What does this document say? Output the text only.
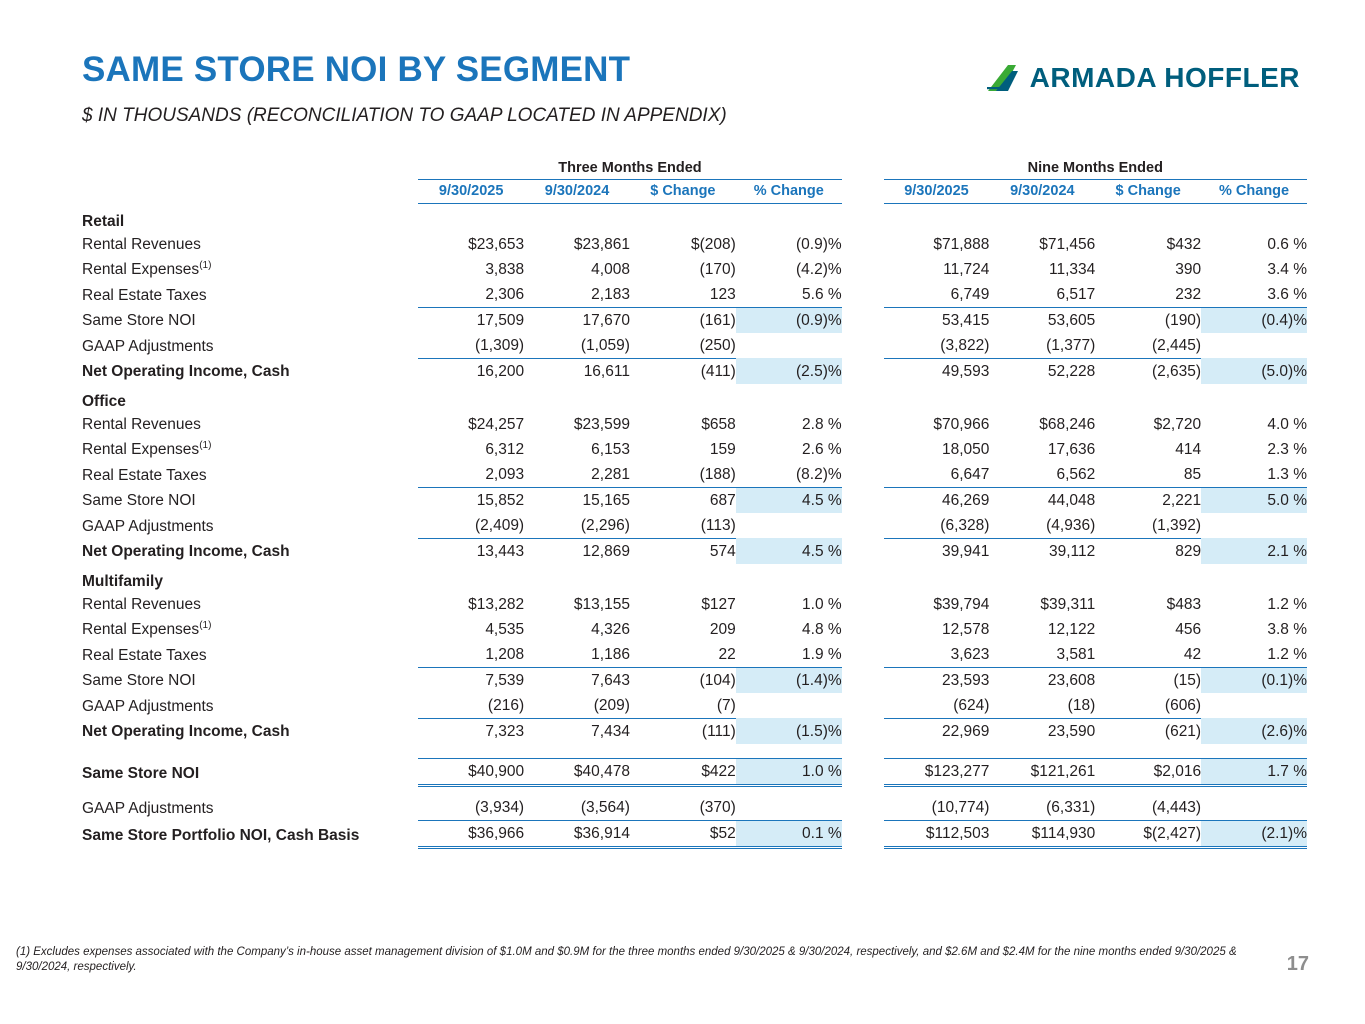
SAME STORE NOI BY SEGMENT
$ IN THOUSANDS (RECONCILIATION TO GAAP LOCATED IN APPENDIX)
ARMADA HOFFLER
	Three Months Ended					Nine Months Ended			
	9/30/2025	9/30/2024	$ Change	% Change		9/30/2025	9/30/2024	$ Change	% Change
Retail									
Rental Revenues	$23,653	$23,861	$(208)	(0.9)%		$71,888	$71,456	$432	0.6 %
Rental Expenses$^{(1)}$	3,838	4,008	(170)	(4.2)%		11,724	11,334	390	3.4 %
Real Estate Taxes	2,306	2,183	123	5.6 %		6,749	6,517	232	3.6 %
Same Store NOI	17,509	17,670	(161)	(0.9)%		53,415	53,605	(190)	(0.4)%
GAAP Adjustments	(1,309)	(1,059)	(250)			(3,822)	(1,377)	(2,445)	
Net Operating Income, Cash	16,200	16,611	(411)	(2.5)%		49,593	52,228	(2,635)	(5.0)%
Office									
Rental Revenues	$24,257	$23,599	$658	2.8 %		$70,966	$68,246	$2,720	4.0 %
Rental Expenses$^{(1)}$	6,312	6,153	159	2.6 %		18,050	17,636	414	2.3 %
Real Estate Taxes	2,093	2,281	(188)	(8.2)%		6,647	6,562	85	1.3 %
Same Store NOI	15,852	15,165	687	4.5 %		46,269	44,048	2,221	5.0 %
GAAP Adjustments	(2,409)	(2,296)	(113)			(6,328)	(4,936)	(1,392)	
Net Operating Income, Cash	13,443	12,869	574	4.5 %		39,941	39,112	829	2.1 %
Multifamily									
Rental Revenues	$13,282	$13,155	$127	1.0 %		$39,794	$39,311	$483	1.2 %
Rental Expenses$^{(1)}$	4,535	4,326	209	4.8 %		12,578	12,122	456	3.8 %
Real Estate Taxes	1,208	1,186	22	1.9 %		3,623	3,581	42	1.2 %
Same Store NOI	7,539	7,643	(104)	(1.4)%		23,593	23,608	(15)	(0.1)%
GAAP Adjustments	(216)	(209)	(7)			(624)	(18)	(606)	
Net Operating Income, Cash	7,323	7,434	(111)	(1.5)%		22,969	23,590	(621)	(2.6)%

Same Store NOI	$40,900	$40,478	$422	1.0 %		$123,277	$121,261	$2,016	1.7 %

GAAP Adjustments	(3,934)	(3,564)	(370)			(10,774)	(6,331)	(4,443)	
Same Store Portfolio NOI, Cash Basis	$36,966	$36,914	$52	0.1 %		$112,503	$114,930	$(2,427)	(2.1)%
(1) Excludes expenses associated with the Company’s in-house asset management division of $1.0M and $0.9M for the three months ended 9/30/2025 & 9/30/2024, respectively, and $2.6M and $2.4M for the nine months ended 9/30/2025 & 9/30/2024, respectively.	17
